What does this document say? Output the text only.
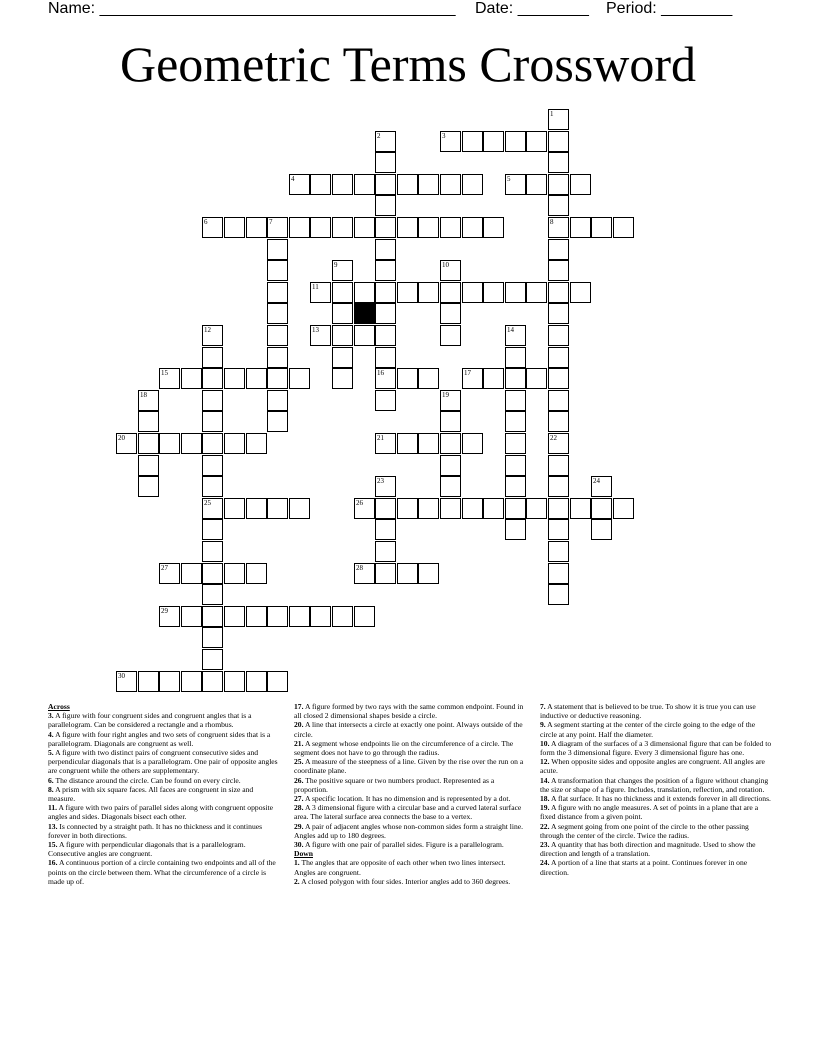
Name: ________________________________________ Date: ________ Period: ________
Geometric Terms Crossword
3
4	5
6	7	8
11
13
15	16	17
20	21
25	26
27	28
29
30
1
22
2
9	10
12	14
18	19
23	24
Across

3. A figure with four congruent sides and congruent angles that is a parallelogram. Can be considered a rectangle and a rhombus.

4. A figure with four right angles and two sets of congruent sides that is a parallelogram. Diagonals are congruent as well.

5. A figure with two distinct pairs of congruent consecutive sides and perpendicular diagonals that is a parallelogram. One pair of opposite angles are congruent while the others are supplementary.

6. The distance around the circle. Can be found on every circle.

8. A prism with six square faces. All faces are congruent in size and measure.

11. A figure with two pairs of parallel sides along with congruent opposite angles and sides. Diagonals bisect each other.

13. Is connected by a straight path. It has no thickness and it continues forever in both directions.

15. A figure with perpendicular diagonals that is a parallelogram. Consecutive angles are congruent.

16. A continuous portion of a circle containing two endpoints and all of the points on the circle between them. What the circumference of a circle is made up of.

17. A figure formed by two rays with the same common endpoint. Found in all closed 2 dimensional shapes beside a circle.

20. A line that intersects a circle at exactly one point. Always outside of the circle.

21. A segment whose endpoints lie on the circumference of a circle. The segment does not have to go through the radius.

25. A measure of the steepness of a line. Given by the rise over the run on a coordinate plane.

26. The positive square or two numbers product. Represented as a proportion.

27. A specific location. It has no dimension and is represented by a dot.

28. A 3 dimensional figure with a circular base and a curved lateral surface area. The lateral surface area connects the base to a vertex.

29. A pair of adjacent angles whose non-common sides form a straight line. Angles add up to 180 degrees.

30. A figure with one pair of parallel sides. Figure is a parallelogram.

Down

1. The angles that are opposite of each other when two lines intersect. Angles are congruent.

2. A closed polygon with four sides. Interior angles add to 360 degrees.

7. A statement that is believed to be true. To show it is true you can use inductive or deductive reasoning.

9. A segment starting at the center of the circle going to the edge of the circle at any point. Half the diameter.

10. A diagram of the surfaces of a 3 dimensional figure that can be folded to form the 3 dimensional figure. Every 3 dimensional figure has one.

12. When opposite sides and opposite angles are congruent. All angles are acute.

14. A transformation that changes the position of a figure without changing the size or shape of a figure. Includes, translation, reflection, and rotation.

18. A flat surface. It has no thickness and it extends forever in all directions.

19. A figure with no angle measures. A set of points in a plane that are a fixed distance from a given point.

22. A segment going from one point of the circle to the other passing through the center of the circle. Twice the radius.

23. A quantity that has both direction and magnitude. Used to show the direction and length of a translation.

24. A portion of a line that starts at a point. Continues forever in one direction.
